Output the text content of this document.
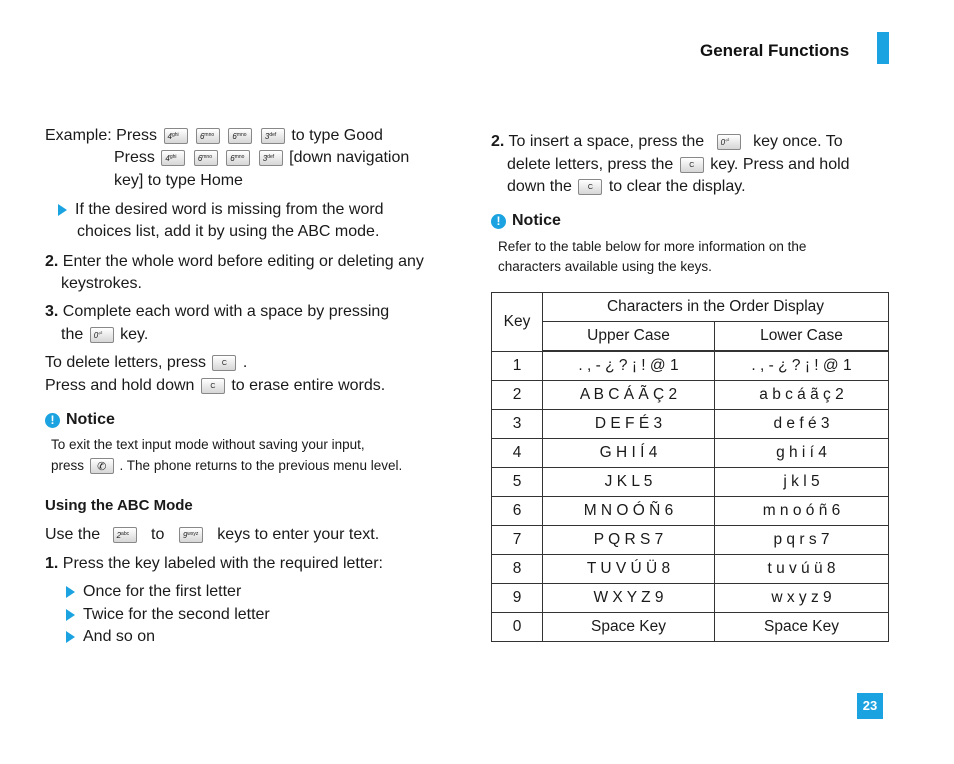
General Functions
Example: Press $4^{ghi}$	$6^{mno}$ $6^{mno}$ $3^{def}$ to type Good
Press $4^{ghi}$	$6^{mno}$ $6^{mno}$ $3^{def}$ [down navigation
key] to type Home
If the desired word is missing from the word
choices list, add it by using the ABC mode.
2. Enter the whole word before editing or deleting any
keystrokes.
3. Complete each word with a space by pressing
the 0⏎ key.
To delete letters, press C .
Press and hold down C to erase entire words.
! Notice
To exit the text input mode without saving your input,
press ✆ . The phone returns to the previous menu level.
Using the ABC Mode
Use the $2^{abc}$ to $9^{wxyz}$ keys to enter your text.
1. Press the key labeled with the required letter:
Once for the first letter
Twice for the second letter
And so on
2. To insert a space, press the 0⏎ key once. To
delete letters, press the C key. Press and hold
down the C to clear the display.
! Notice
Refer to the table below for more information on the
characters available using the keys.
Key	Characters in the Order Display	
	Upper Case	Lower Case
1	. , - ¿ ? ¡ ! @ 1	. , - ¿ ? ¡ ! @ 1
2	A B C Á Ã Ç 2	a b c á ã ç 2
3	D E F É 3	d e f é 3
4	G H I Í 4	g h i í 4
5	J K L 5	j k l 5
6	M N O Ó Ñ 6	m n o ó ñ 6
7	P Q R S 7	p q r s 7
8	T U V Ú Ü 8	t u v ú ü 8
9	W X Y Z 9	w x y z 9
0	Space Key	Space Key
23
